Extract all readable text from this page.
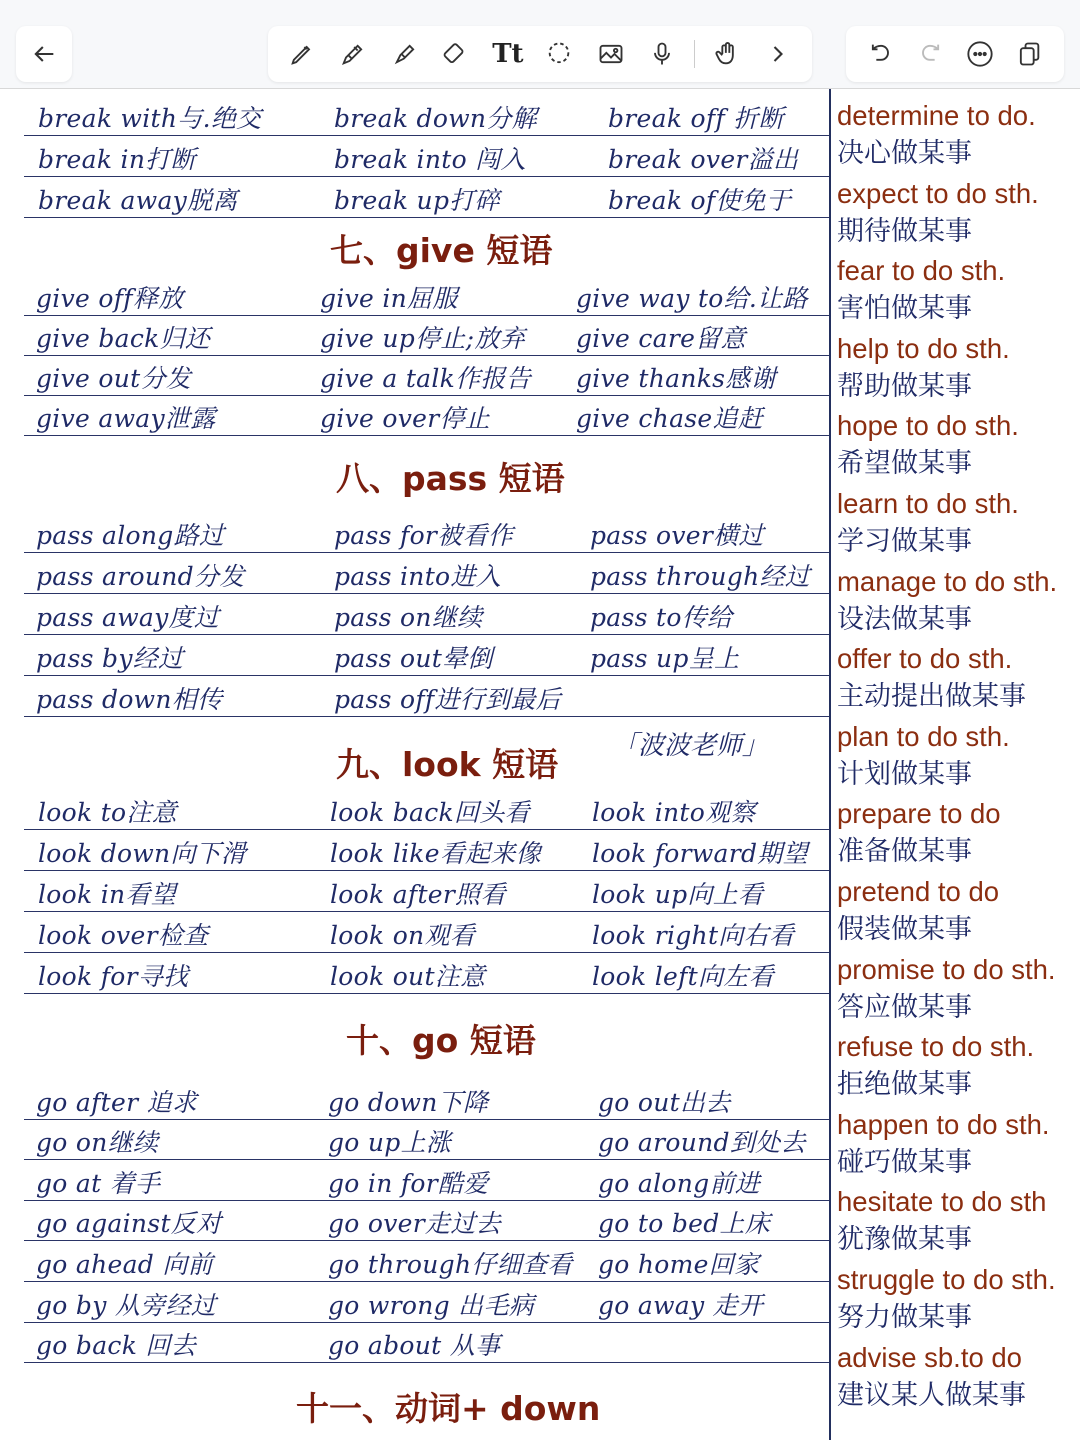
Tt
break with与.绝交	break down分解	break off 折断
break in打断	break into 闯入	break over溢出
break away脱离	break up打碎	break of使免于
七、give 短语
give off释放	give in屈服	give way to给.让路
give back归还	give up停止;放弃 give care留意
give out分发	give a talk作报告 give thanks感谢
give away泄露	give over停止	give chase追赶
八、pass 短语
pass along路过	pass for被看作	pass over横过
pass around分发	pass into进入	pass through经过
pass away度过	pass on继续	pass to传给
pass by经过	pass out晕倒	pass up呈上
pass down相传	pass off进行到最后
九、look 短语 「波波老师」
look to注意	look back回头看 look into观察
look down向下滑	look like看起来像 look forward期望
look in看望	look after照看	look up向上看
look over检查	look on观看	look right向右看
look for寻找	look out注意	look left向左看
十、go 短语
go after 追求	go down下降	go out出去
go on继续	go up上涨	go around到处去
go at 着手	go in for酷爱	go along前进
go against反对	go over走过去	go to bed上床
go ahead 向前	go through仔细查看 go home回家
go by 从旁经过	go wrong 出毛病	go away 走开
go back 回去	go about 从事
十一、动词+ down
determine to do.
决心做某事
expect to do sth.
期待做某事
fear to do sth.
害怕做某事
help to do sth.
帮助做某事
hope to do sth.
希望做某事
learn to do sth.
学习做某事
manage to do sth.
设法做某事
offer to do sth.
主动提出做某事
plan to do sth.
计划做某事
prepare to do
准备做某事
pretend to do
假装做某事
promise to do sth.
答应做某事
refuse to do sth.
拒绝做某事
happen to do sth.
碰巧做某事
hesitate to do sth
犹豫做某事
struggle to do sth.
努力做某事
advise sb.to do
建议某人做某事
